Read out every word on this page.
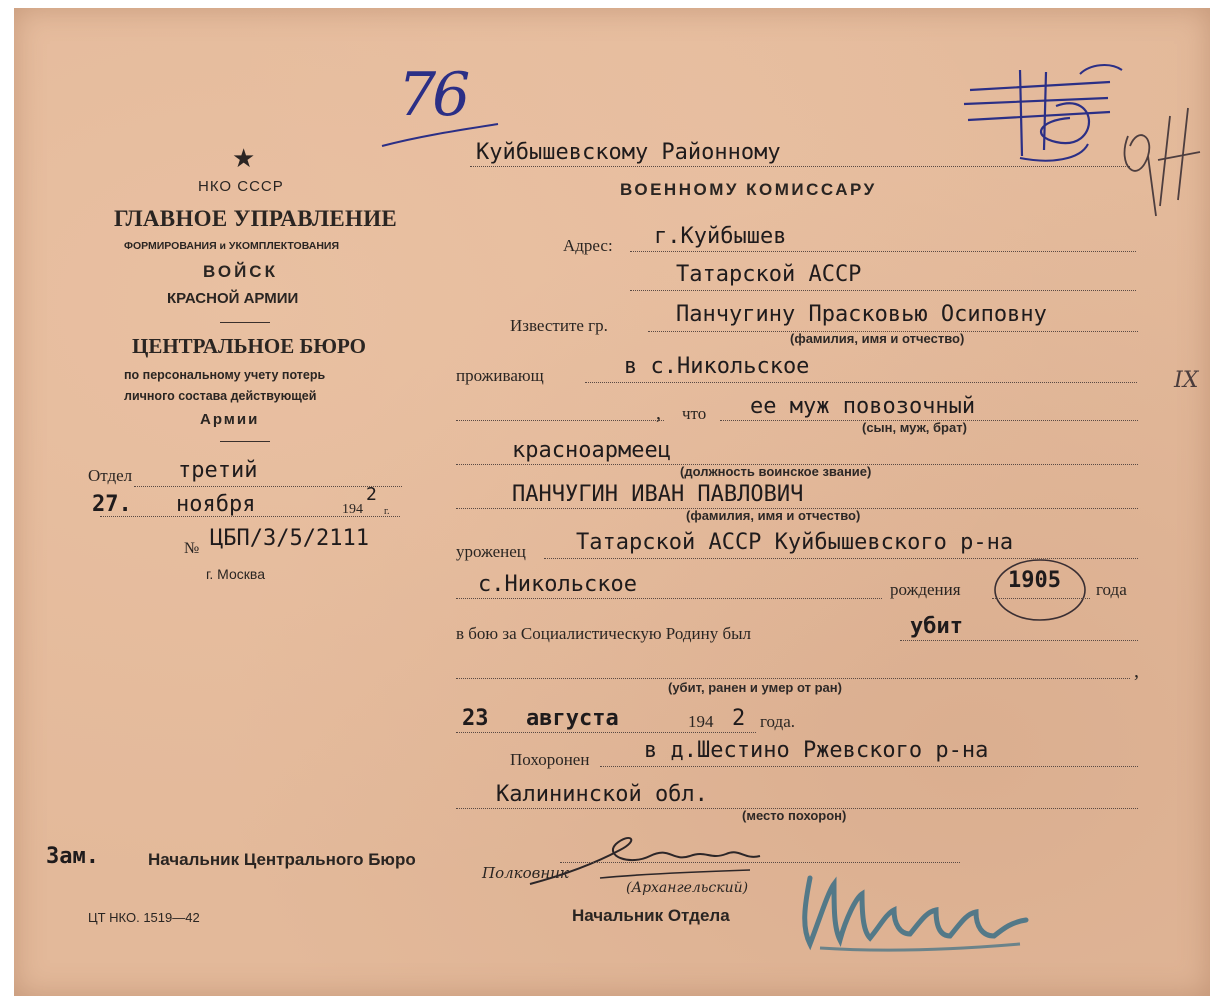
★
НКО СССР
ГЛАВНОЕ УПРАВЛЕНИЕ
ФОРМИРОВАНИЯ и УКОМПЛЕКТОВАНИЯ
ВОЙСК
КРАСНОЙ АРМИИ
ЦЕНТРАЛЬНОЕ БЮРО
по персональному учету потерь
личного состава действующей
Армии
Отдел третий
27. ноября	194
2
г.
№ ЦБП/3/5/2111
г. Москва
Куйбышевскому Районному
ВОЕННОМУ КОМИССАРУ
Адрес: г.Куйбышев
Татарской АССР
Известите гр.	Панчугину Прасковью Осиповну
(фамилия, имя и отчество)
проживающ	в с.Никольское
, что ее муж повозочный
(сын, муж, брат)
красноармеец
(должность воинское звание)
ПАНЧУГИН ИВАН ПАВЛОВИЧ
(фамилия, имя и отчество)
уроженец Татарской АССР Куйбышевского р-на
с.Никольское	рождения 1905 года
в бою за Социалистическую Родину был	убит
,
(убит, ранен и умер от ран)
23 августа	194 2 года.
Похоронен в д.Шестино Ржевского р-на
Калининской обл.
(место похорон)
Зам.	Начальник Центрального Бюро
Полковник
(Архангельский)
Начальник Отдела
ЦТ НКО. 1519—42
76
IX
